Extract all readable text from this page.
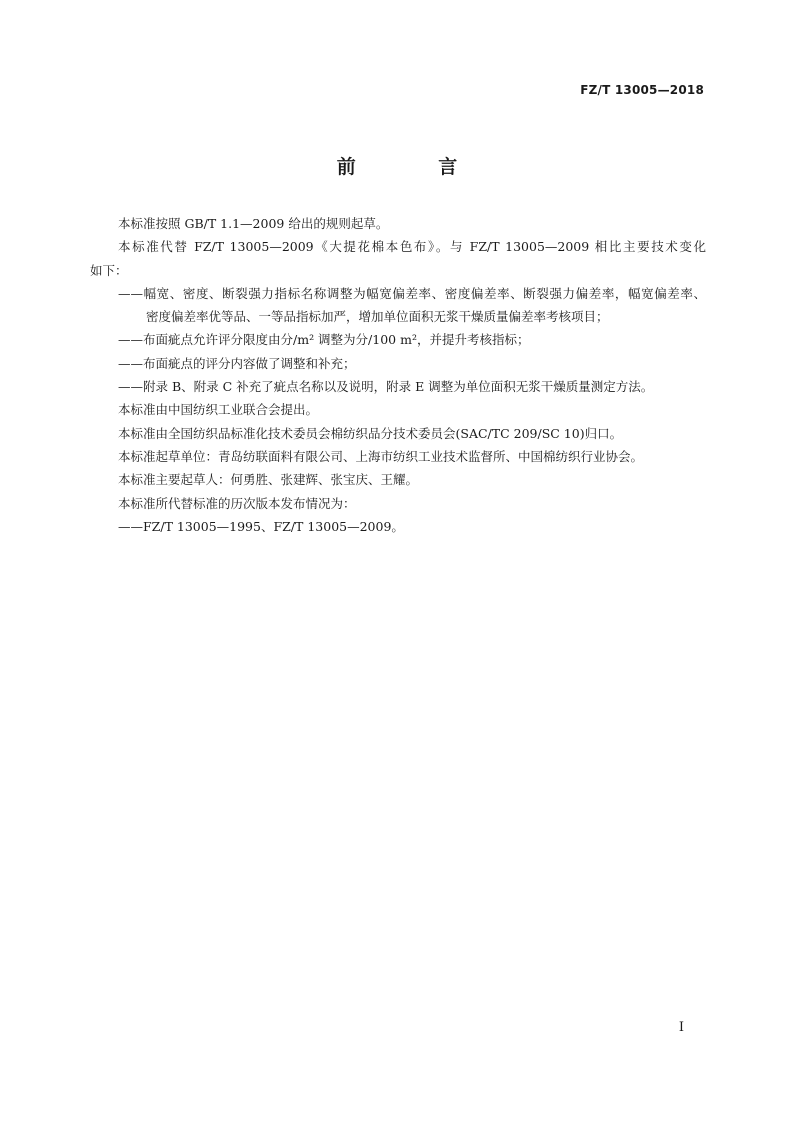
FZ/T 13005—2018
前 言

本标准按照 GB/T 1.1—2009 给出的规则起草。

本标准代替 FZ/T 13005—2009《大提花棉本色布》。与 FZ/T 13005—2009 相比主要技术变化

如下：

——幅宽、密度、断裂强力指标名称调整为幅宽偏差率、密度偏差率、断裂强力偏差率，幅宽偏差率、

密度偏差率优等品、一等品指标加严，增加单位面积无浆干燥质量偏差率考核项目；

——布面疵点允许评分限度由分/m² 调整为分/100 m²，并提升考核指标；

——布面疵点的评分内容做了调整和补充；

——附录 B、附录 C 补充了疵点名称以及说明，附录 E 调整为单位面积无浆干燥质量测定方法。

本标准由中国纺织工业联合会提出。

本标准由全国纺织品标准化技术委员会棉纺织品分技术委员会(SAC/TC 209/SC 10)归口。

本标准起草单位：青岛纺联面料有限公司、上海市纺织工业技术监督所、中国棉纺织行业协会。

本标准主要起草人：何勇胜、张建辉、张宝庆、王耀。

本标准所代替标准的历次版本发布情况为：

——FZ/T 13005—1995、FZ/T 13005—2009。

I
